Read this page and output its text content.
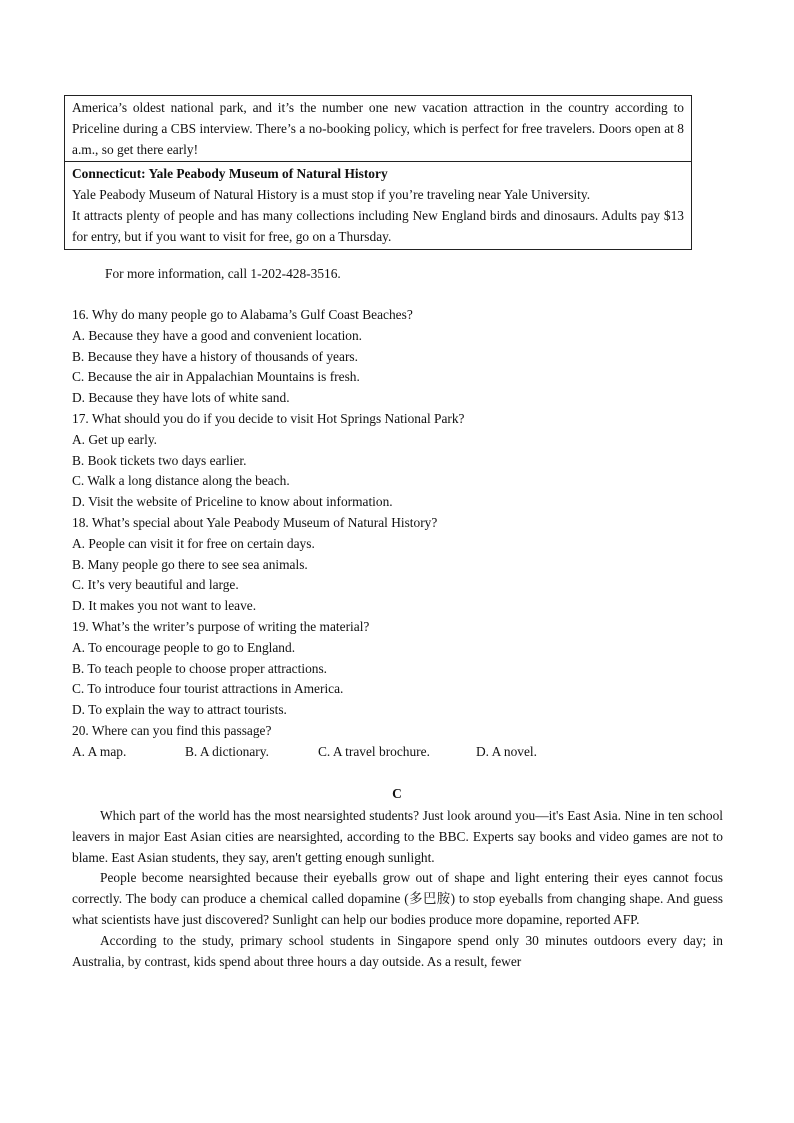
America’s oldest national park, and it’s the number one new vacation attraction in the country according to Priceline during a CBS interview. There’s a no-booking policy, which is perfect for free travelers. Doors open at 8 a.m., so get there early!

Connecticut: Yale Peabody Museum of Natural History

Yale Peabody Museum of Natural History is a must stop if you’re traveling near Yale University.

It attracts plenty of people and has many collections including New England birds and dinosaurs. Adults pay $13 for entry, but if you want to visit for free, go on a Thursday.

For more information, call 1-202-428-3516.
16. Why do many people go to Alabama’s Gulf Coast Beaches?
A. Because they have a good and convenient location.
B. Because they have a history of thousands of years.
C. Because the air in Appalachian Mountains is fresh.
D. Because they have lots of white sand.
17. What should you do if you decide to visit Hot Springs National Park?
A. Get up early.
B. Book tickets two days earlier.
C. Walk a long distance along the beach.
D. Visit the website of Priceline to know about information.
18. What’s special about Yale Peabody Museum of Natural History?
A. People can visit it for free on certain days.
B. Many people go there to see sea animals.
C. It’s very beautiful and large.
D. It makes you not want to leave.
19. What’s the writer’s purpose of writing the material?
A. To encourage people to go to England.
B. To teach people to choose proper attractions.
C. To introduce four tourist attractions in America.
D. To explain the way to attract tourists.
20. Where can you find this passage?
A. A map.	B. A dictionary.	C. A travel brochure.	D. A novel.
C

Which part of the world has the most nearsighted students? Just look around you—it's East Asia. Nine in ten school leavers in major East Asian cities are nearsighted, according to the BBC. Experts say books and video games are not to blame. East Asian students, they say, aren't getting enough sunlight.

People become nearsighted because their eyeballs grow out of shape and light entering their eyes cannot focus correctly. The body can produce a chemical called dopamine (多巴胺) to stop eyeballs from changing shape. And guess what scientists have just discovered? Sunlight can help our bodies produce more dopamine, reported AFP.

According to the study, primary school students in Singapore spend only 30 minutes outdoors every day; in Australia, by contrast, kids spend about three hours a day outside. As a result, fewer
